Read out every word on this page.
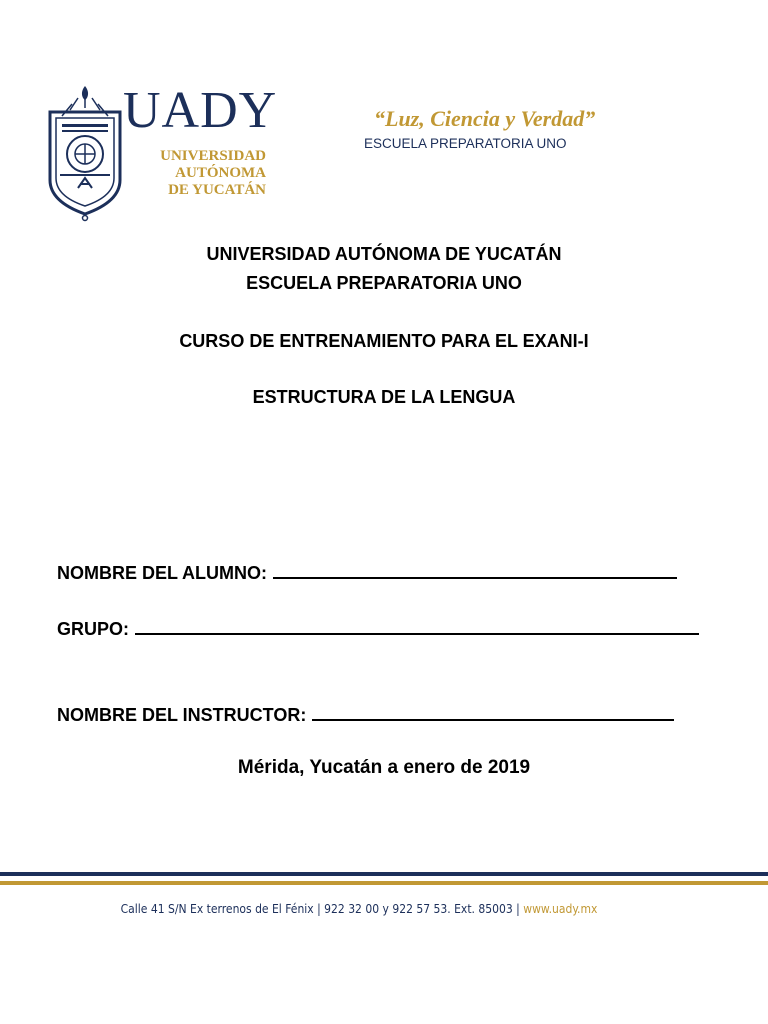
UADY
UNIVERSIDAD
AUTÓNOMA
DE YUCATÁN
“Luz, Ciencia y Verdad”
ESCUELA PREPARATORIA UNO
UNIVERSIDAD AUTÓNOMA DE YUCATÁN
ESCUELA PREPARATORIA UNO
CURSO DE ENTRENAMIENTO PARA EL EXANI-I
ESTRUCTURA DE LA LENGUA
NOMBRE DEL ALUMNO:
GRUPO:
NOMBRE DEL INSTRUCTOR:
Mérida, Yucatán a enero de 2019
Calle 41 S/N Ex terrenos de El Fénix | 922 32 00 y 922 57 53. Ext. 85003 | www.uady.mx
